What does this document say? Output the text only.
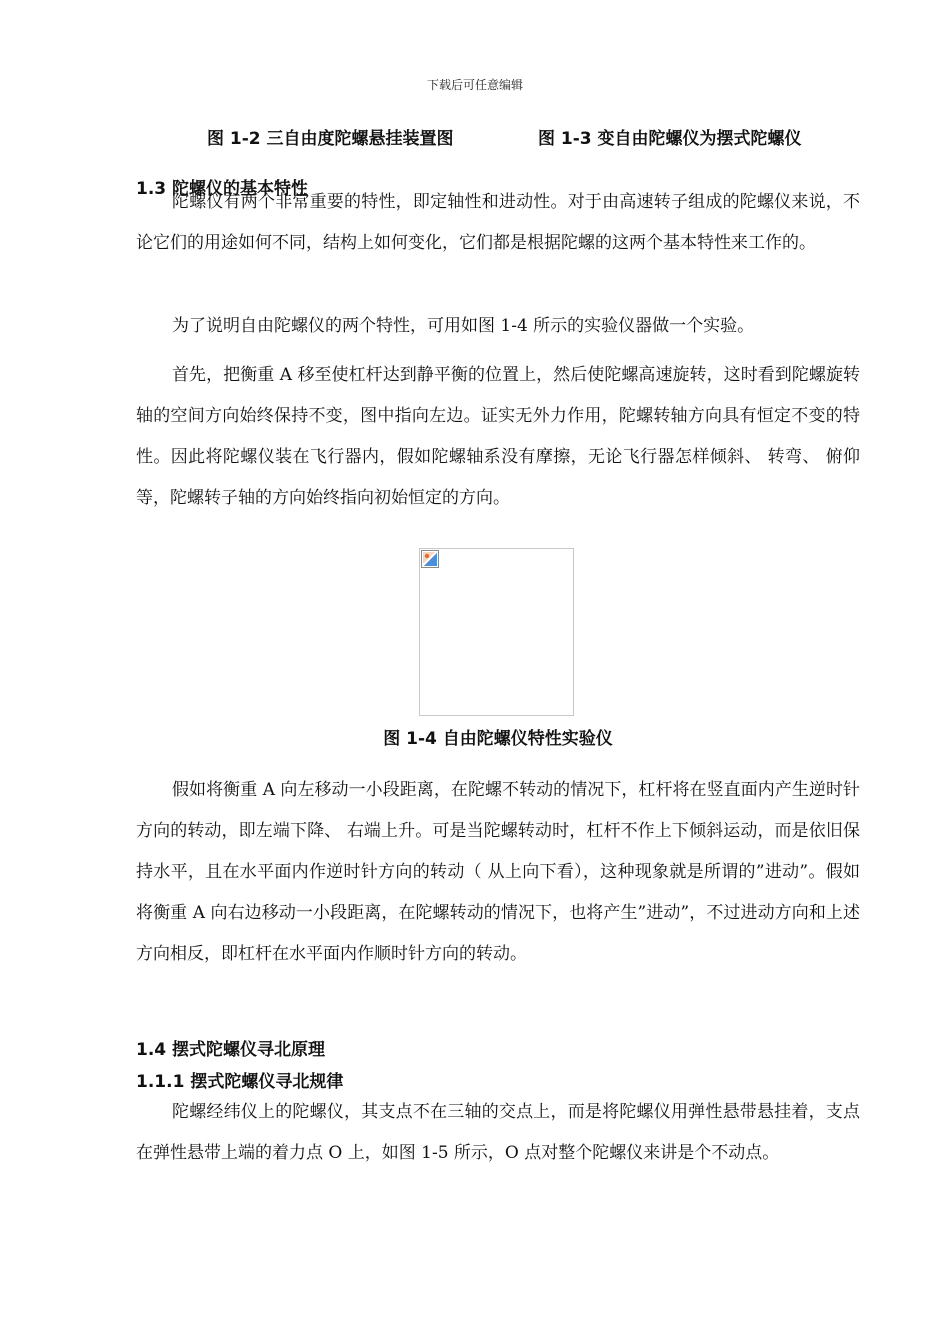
下载后可任意编辑
图 1-2 三自由度陀螺悬挂装置图	图 1-3 变自由陀螺仪为摆式陀螺仪
1.3 陀螺仪的基本特性

陀螺仪有两个非常重要的特性，即定轴性和进动性。对于由高速转子组成的陀螺仪来说，不论它们的用途如何不同，结构上如何变化，它们都是根据陀螺的这两个基本特性来工作的。

为了说明自由陀螺仪的两个特性，可用如图 1-4 所示的实验仪器做一个实验。

首先，把衡重 A 移至使杠杆达到静平衡的位置上，然后使陀螺高速旋转，这时看到陀螺旋转轴的空间方向始终保持不变，图中指向左边。证实无外力作用，陀螺转轴方向具有恒定不变的特性。因此将陀螺仪装在飞行器内，假如陀螺轴系没有摩擦，无论飞行器怎样倾斜、 转弯、 俯仰等，陀螺转子轴的方向始终指向初始恒定的方向。

图 1-4 自由陀螺仪特性实验仪

假如将衡重 A 向左移动一小段距离，在陀螺不转动的情况下，杠杆将在竖直面内产生逆时针方向的转动，即左端下降、 右端上升。可是当陀螺转动时，杠杆不作上下倾斜运动，而是依旧保持水平，且在水平面内作逆时针方向的转动（ 从上向下看），这种现象就是所谓的”进动”。假如将衡重 A 向右边移动一小段距离，在陀螺转动的情况下，也将产生”进动”，不过进动方向和上述方向相反，即杠杆在水平面内作顺时针方向的转动。

1.4 摆式陀螺仪寻北原理
1.1.1 摆式陀螺仪寻北规律

陀螺经纬仪上的陀螺仪，其支点不在三轴的交点上，而是将陀螺仪用弹性悬带悬挂着，支点在弹性悬带上端的着力点 O 上，如图 1-5 所示，O 点对整个陀螺仪来讲是个不动点。
